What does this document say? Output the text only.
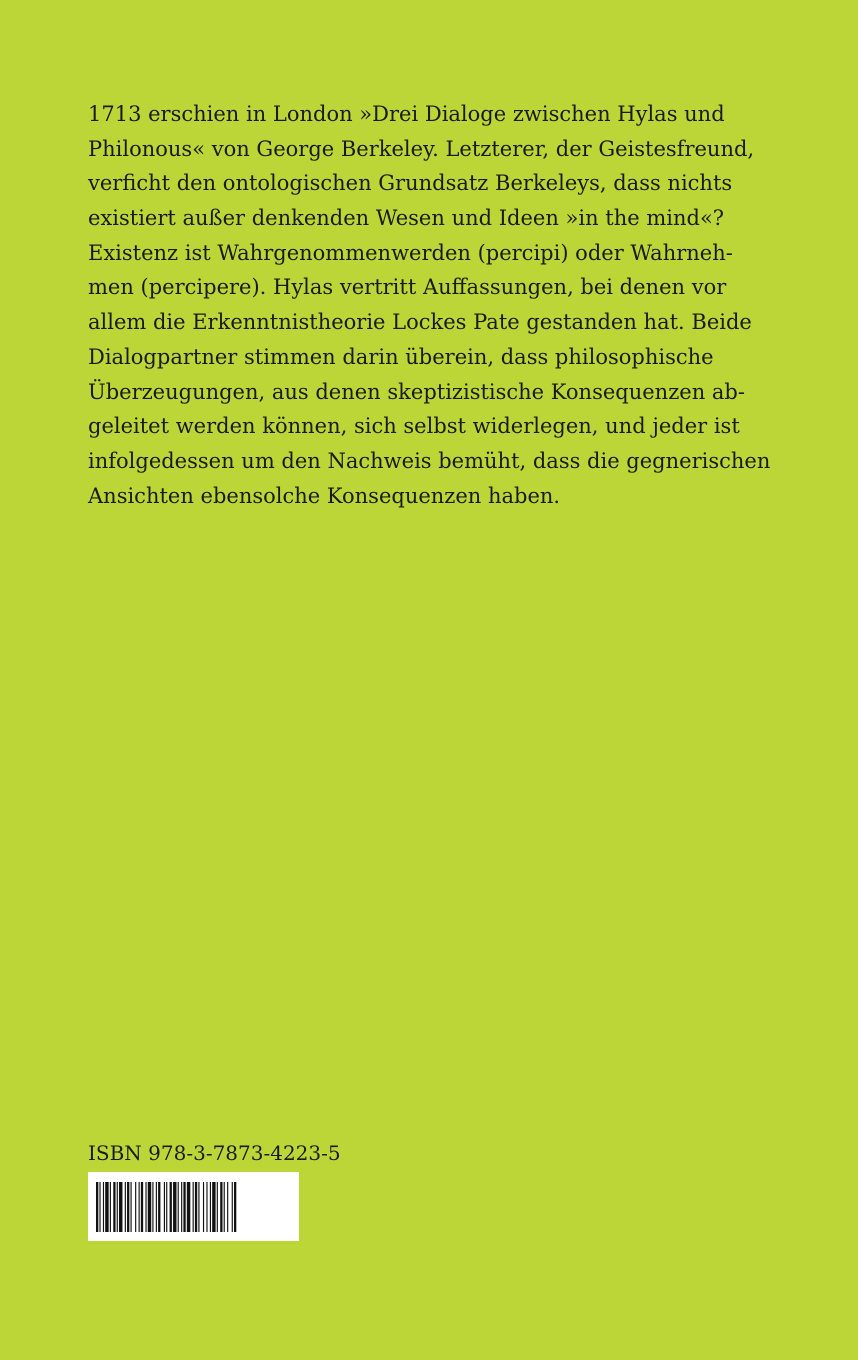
1713 erschien in London »Drei Dialoge zwischen Hylas und
Philonous« von George Berkeley. Letzterer, der Geistesfreund,
verficht den ontologischen Grundsatz Berkeleys, dass nichts
existiert außer denkenden Wesen und Ideen »in the mind«?
Existenz ist Wahrgenommenwerden (percipi) oder Wahrneh-
men (percipere). Hylas vertritt Auffassungen, bei denen vor
allem die Erkenntnistheorie Lockes Pate gestanden hat. Beide
Dialogpartner stimmen darin überein, dass philosophische
Überzeugungen, aus denen skeptizistische Konsequenzen ab-
geleitet werden können, sich selbst widerlegen, und jeder ist
infolgedessen um den Nachweis bemüht, dass die gegnerischen
Ansichten ebensolche Konsequenzen haben.
ISBN 978-3-7873-4223-5
